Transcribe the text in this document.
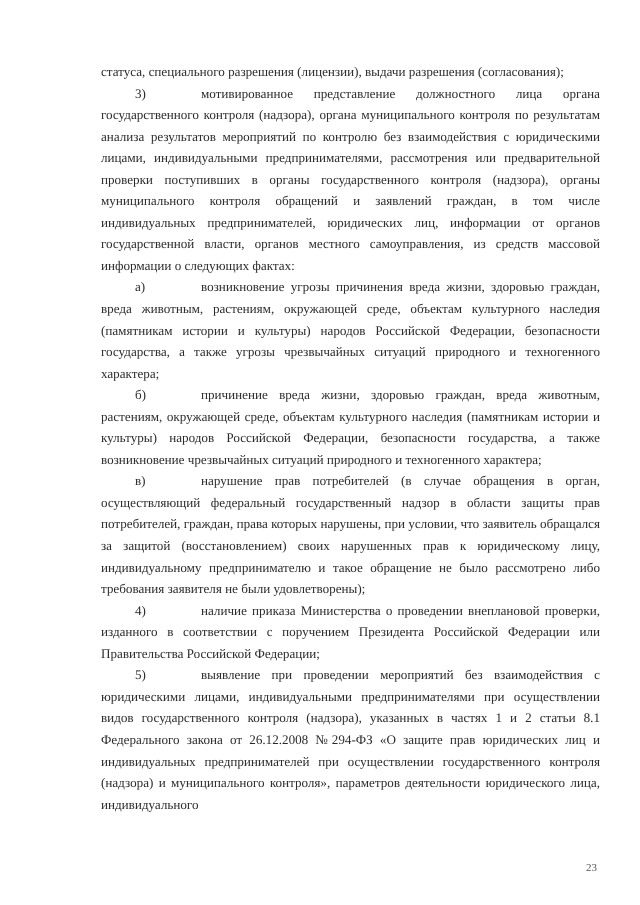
статуса, специального разрешения (лицензии), выдачи разрешения (согласования);

3)	мотивированное представление должностного лица органа государственного контроля (надзора), органа муниципального контроля по результатам анализа результатов мероприятий по контролю без взаимодействия с юридическими лицами, индивидуальными предпринимателями, рассмотрения или предварительной проверки поступивших в органы государственного контроля (надзора), органы муниципального контроля обращений и заявлений граждан, в том числе индивидуальных предпринимателей, юридических лиц, информации от органов государственной власти, органов местного самоуправления, из средств массовой информации о следующих фактах:

а)	возникновение угрозы причинения вреда жизни, здоровью граждан, вреда животным, растениям, окружающей среде, объектам культурного наследия (памятникам истории и культуры) народов Российской Федерации, безопасности государства, а также угрозы чрезвычайных ситуаций природного и техногенного характера;

б)	причинение вреда жизни, здоровью граждан, вреда животным, растениям, окружающей среде, объектам культурного наследия (памятникам истории и культуры) народов Российской Федерации, безопасности государства, а также возникновение чрезвычайных ситуаций природного и техногенного характера;

в)	нарушение прав потребителей (в случае обращения в орган, осуществляющий федеральный государственный надзор в области защиты прав потребителей, граждан, права которых нарушены, при условии, что заявитель обращался за защитой (восстановлением) своих нарушенных прав к юридическому лицу, индивидуальному предпринимателю и такое обращение не было рассмотрено либо требования заявителя не были удовлетворены);

4)	наличие приказа Министерства о проведении внеплановой проверки, изданного в соответствии с поручением Президента Российской Федерации или Правительства Российской Федерации;

5)	выявление при проведении мероприятий без взаимодействия с юридическими лицами, индивидуальными предпринимателями при осуществлении видов государственного контроля (надзора), указанных в частях 1 и 2 статьи 8.1 Федерального закона от 26.12.2008 №294-ФЗ «О защите прав юридических лиц и индивидуальных предпринимателей при осуществлении государственного контроля (надзора) и муниципального контроля», параметров деятельности юридического лица, индивидуального

23
